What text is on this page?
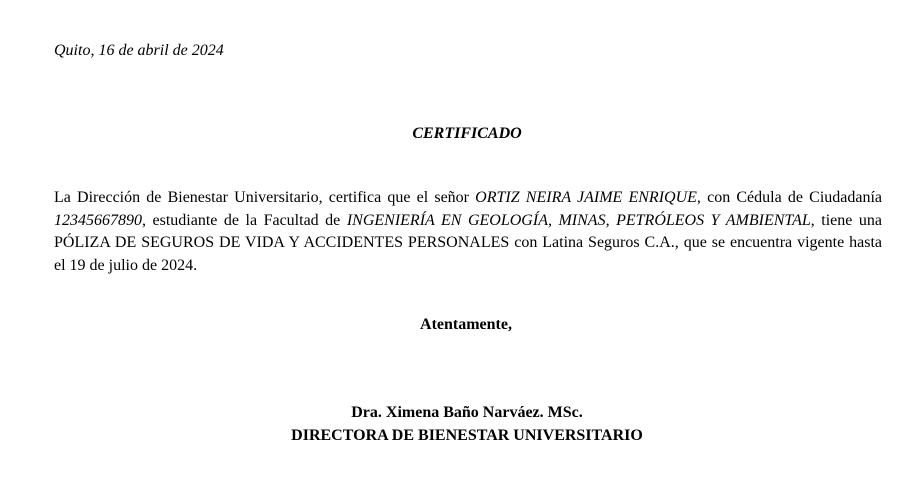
Quito, 16 de abril de 2024

CERTIFICADO

La Dirección de Bienestar Universitario, certifica que el señor ORTIZ NEIRA JAIME ENRIQUE, con Cédula de Ciudadanía 12345667890, estudiante de la Facultad de INGENIERÍA EN GEOLOGÍA, MINAS, PETRÓLEOS Y AMBIENTAL, tiene una PÓLIZA DE SEGUROS DE VIDA Y ACCIDENTES PERSONALES con Latina Seguros C.A., que se encuentra vigente hasta el 19 de julio de 2024.

Atentamente,

Dra. Ximena Baño Narváez. MSc.

DIRECTORA DE BIENESTAR UNIVERSITARIO
